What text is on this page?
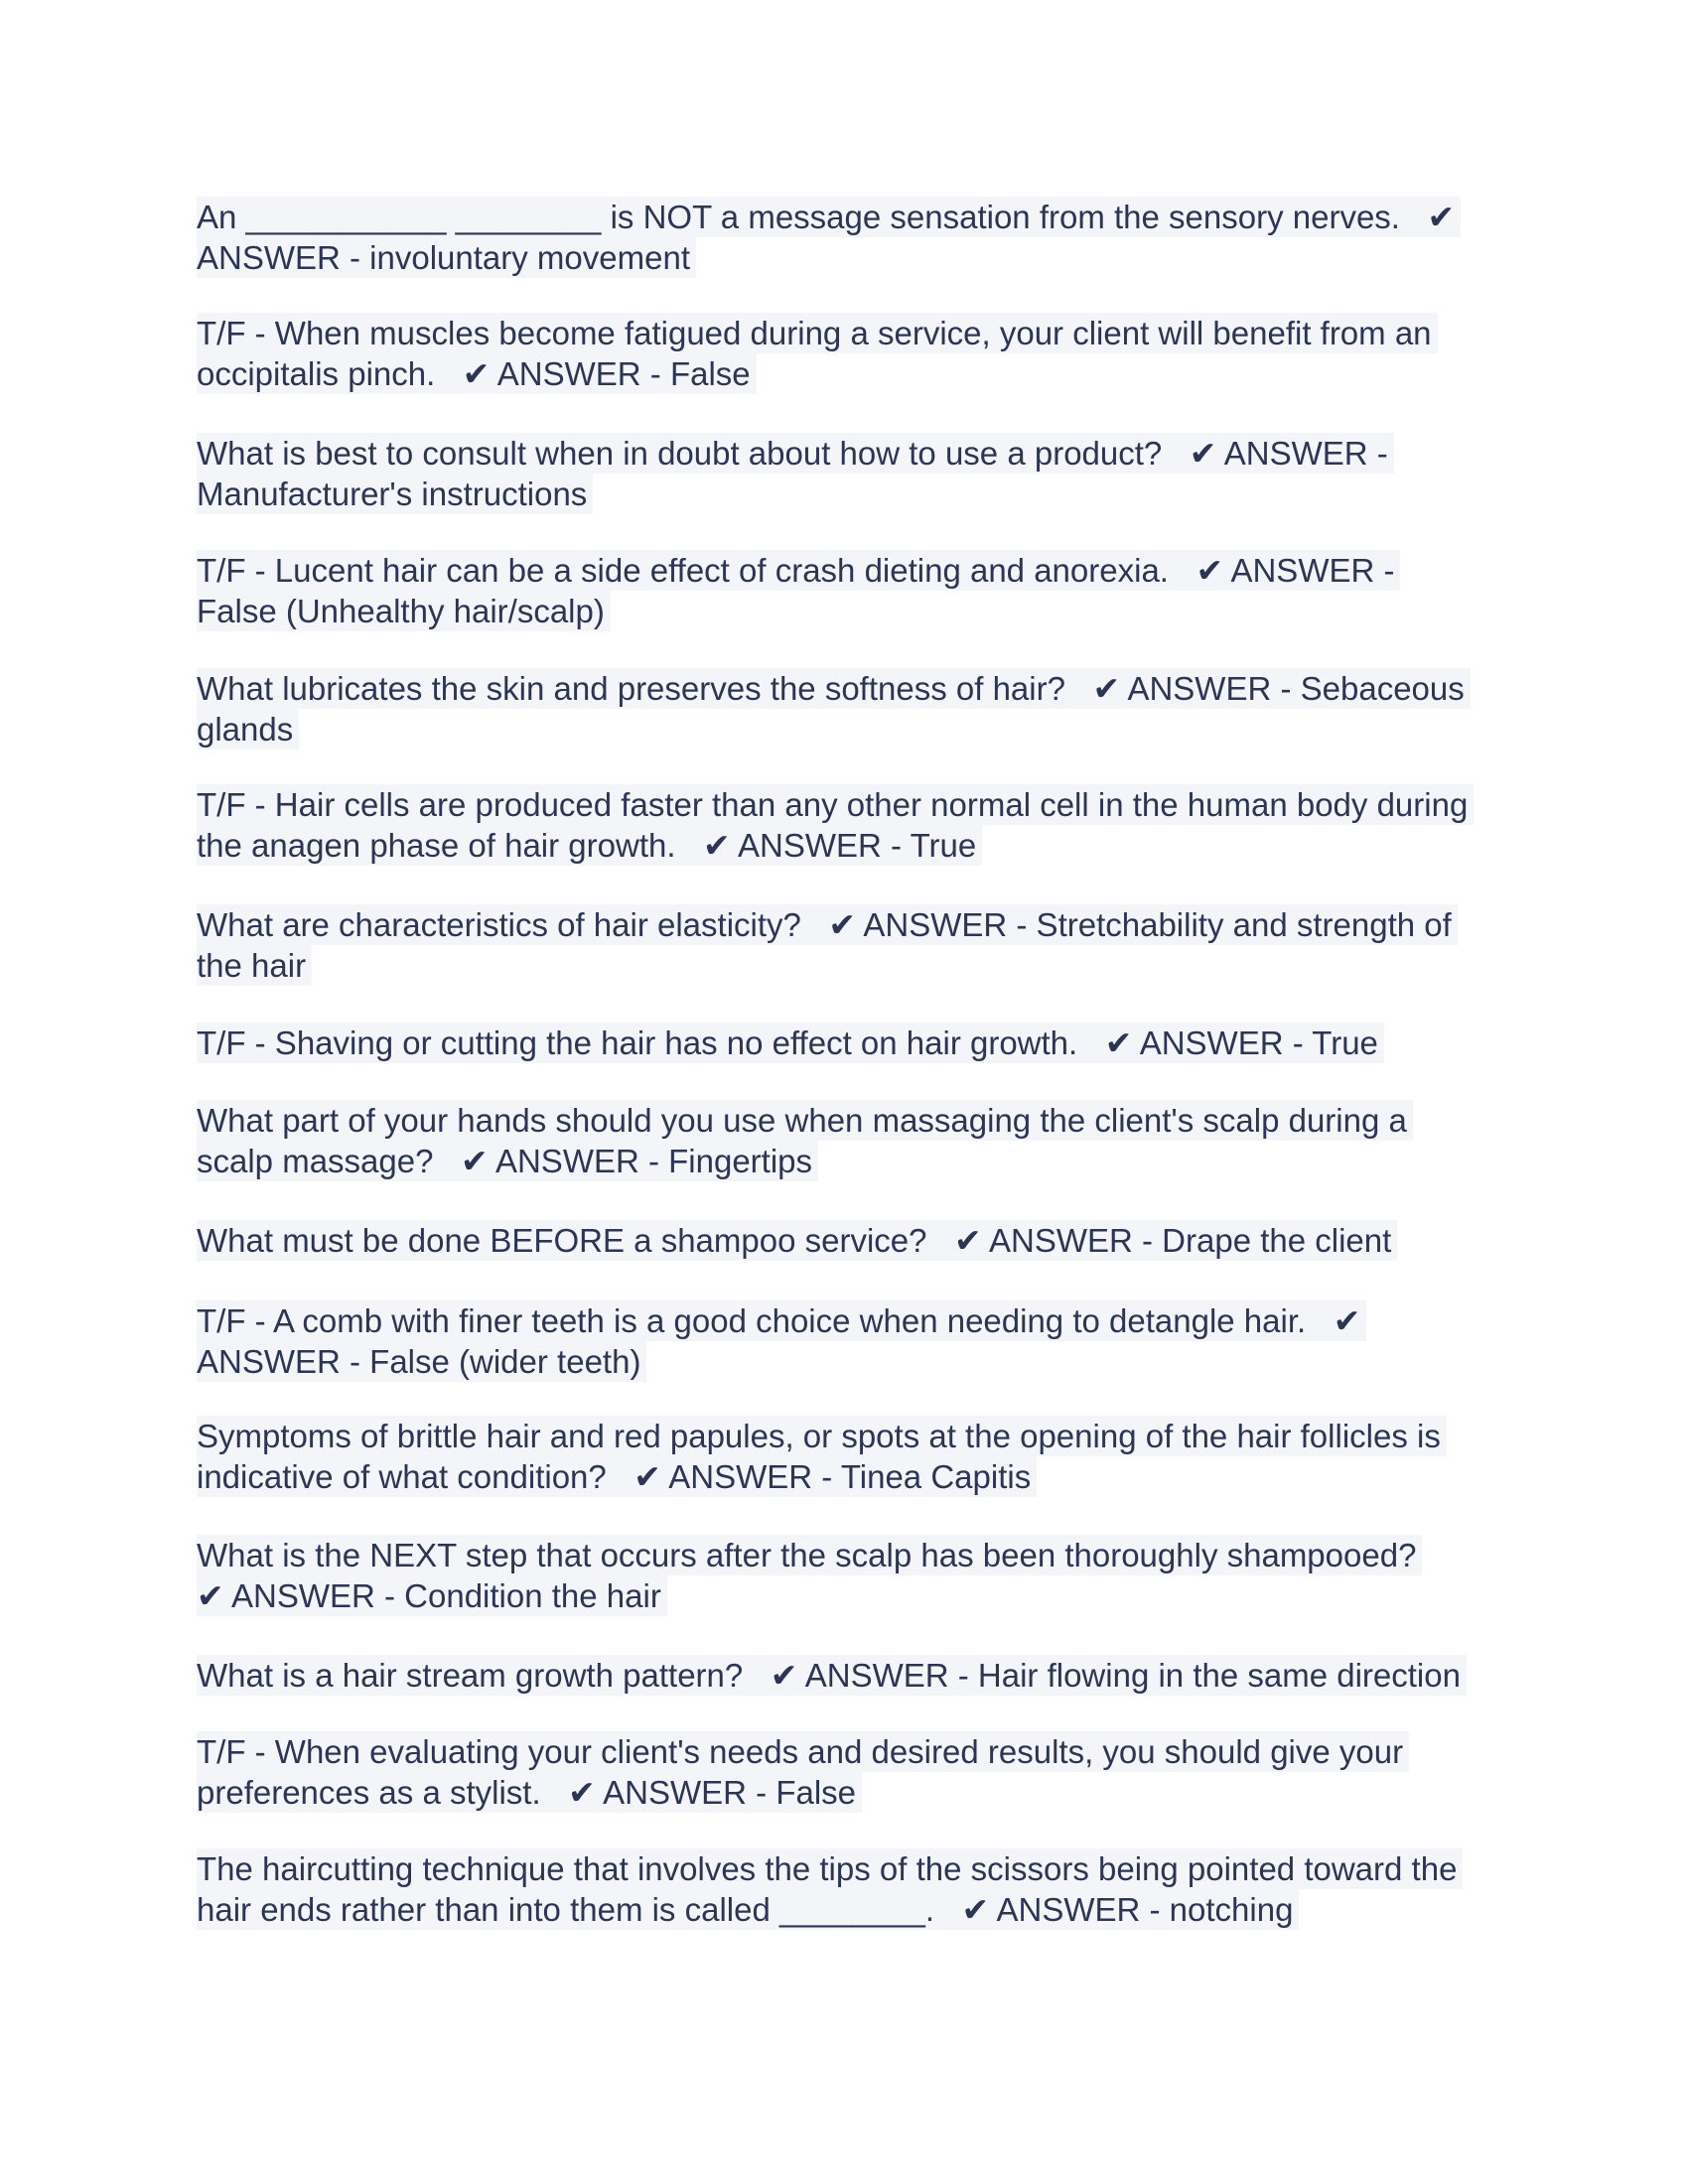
An ___________ ________ is NOT a message sensation from the sensory nerves.   ✔
ANSWER - involuntary movement
T/F - When muscles become fatigued during a service, your client will benefit from an
occipitalis pinch.   ✔ ANSWER - False
What is best to consult when in doubt about how to use a product?   ✔ ANSWER -
Manufacturer's instructions
T/F - Lucent hair can be a side effect of crash dieting and anorexia.   ✔ ANSWER -
False (Unhealthy hair/scalp)
What lubricates the skin and preserves the softness of hair?   ✔ ANSWER - Sebaceous
glands
T/F - Hair cells are produced faster than any other normal cell in the human body during
the anagen phase of hair growth.   ✔ ANSWER - True
What are characteristics of hair elasticity?   ✔ ANSWER - Stretchability and strength of
the hair
T/F - Shaving or cutting the hair has no effect on hair growth.   ✔ ANSWER - True
What part of your hands should you use when massaging the client's scalp during a
scalp massage?   ✔ ANSWER - Fingertips
What must be done BEFORE a shampoo service?   ✔ ANSWER - Drape the client
T/F - A comb with finer teeth is a good choice when needing to detangle hair.   ✔
ANSWER - False (wider teeth)
Symptoms of brittle hair and red papules, or spots at the opening of the hair follicles is
indicative of what condition?   ✔ ANSWER - Tinea Capitis
What is the NEXT step that occurs after the scalp has been thoroughly shampooed?
✔ ANSWER - Condition the hair
What is a hair stream growth pattern?   ✔ ANSWER - Hair flowing in the same direction
T/F - When evaluating your client's needs and desired results, you should give your
preferences as a stylist.   ✔ ANSWER - False
The haircutting technique that involves the tips of the scissors being pointed toward the
hair ends rather than into them is called ________.   ✔ ANSWER - notching
